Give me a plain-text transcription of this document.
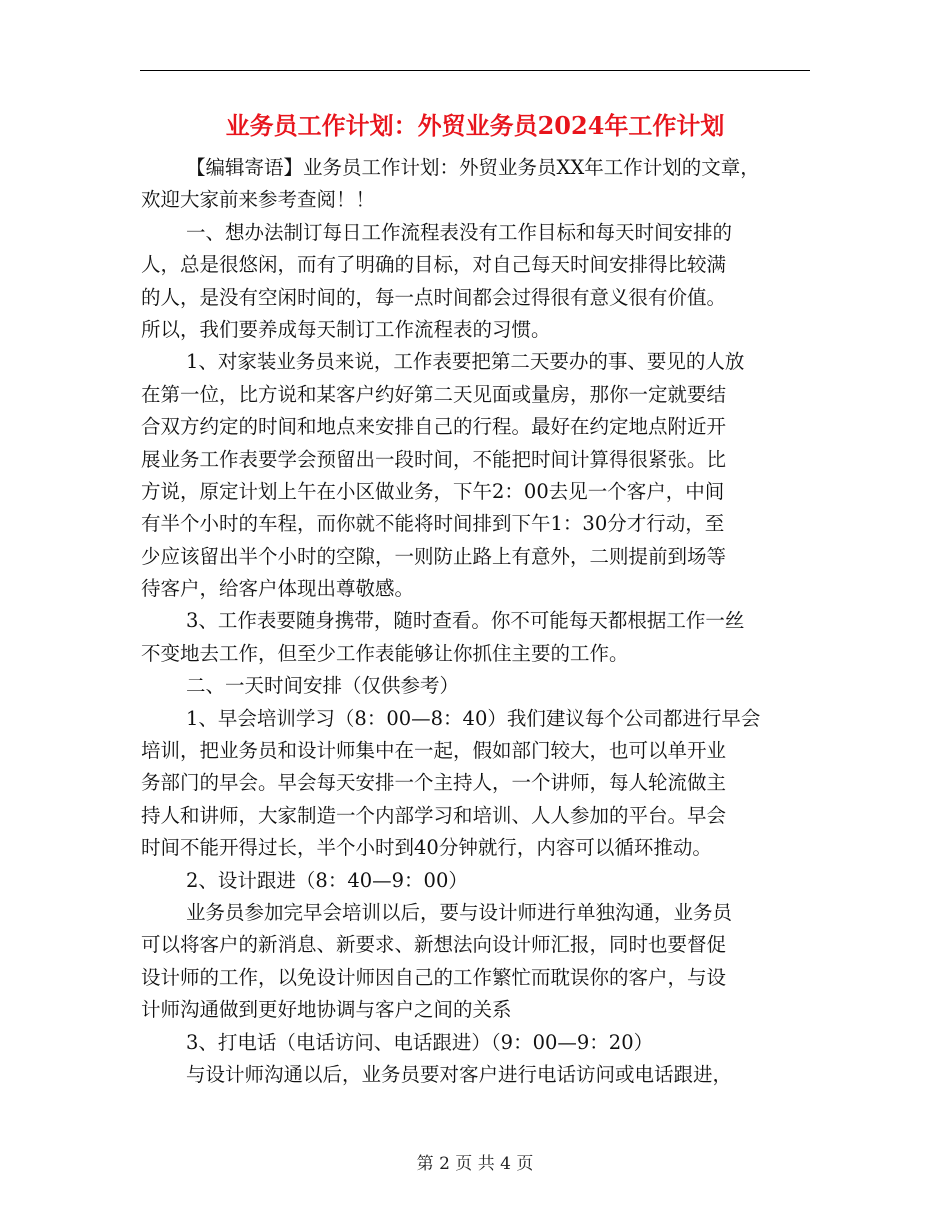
业务员工作计划：外贸业务员2024年工作计划
【编辑寄语】业务员工作计划：外贸业务员XX年工作计划的文章，
欢迎大家前来参考查阅！！
一、想办法制订每日工作流程表没有工作目标和每天时间安排的
人，总是很悠闲，而有了明确的目标，对自己每天时间安排得比较满
的人，是没有空闲时间的，每一点时间都会过得很有意义很有价值。
所以，我们要养成每天制订工作流程表的习惯。
1、对家装业务员来说，工作表要把第二天要办的事、要见的人放
在第一位，比方说和某客户约好第二天见面或量房，那你一定就要结
合双方约定的时间和地点来安排自己的行程。最好在约定地点附近开
展业务工作表要学会预留出一段时间，不能把时间计算得很紧张。比
方说，原定计划上午在小区做业务，下午2：00去见一个客户，中间
有半个小时的车程，而你就不能将时间排到下午1：30分才行动，至
少应该留出半个小时的空隙，一则防止路上有意外，二则提前到场等
待客户，给客户体现出尊敬感。
3、工作表要随身携带，随时查看。你不可能每天都根据工作一丝
不变地去工作，但至少工作表能够让你抓住主要的工作。
二、一天时间安排（仅供参考）
1、早会培训学习（8：00—8：40）我们建议每个公司都进行早会
培训，把业务员和设计师集中在一起，假如部门较大，也可以单开业
务部门的早会。早会每天安排一个主持人，一个讲师，每人轮流做主
持人和讲师，大家制造一个内部学习和培训、人人参加的平台。早会
时间不能开得过长，半个小时到40分钟就行，内容可以循环推动。
2、设计跟进（8：40—9：00）
业务员参加完早会培训以后，要与设计师进行单独沟通，业务员
可以将客户的新消息、新要求、新想法向设计师汇报，同时也要督促
设计师的工作，以免设计师因自己的工作繁忙而耽误你的客户，与设
计师沟通做到更好地协调与客户之间的关系
3、打电话（电话访问、电话跟进）（9：00—9：20）
与设计师沟通以后，业务员要对客户进行电话访问或电话跟进，
第 2 页 共 4 页
